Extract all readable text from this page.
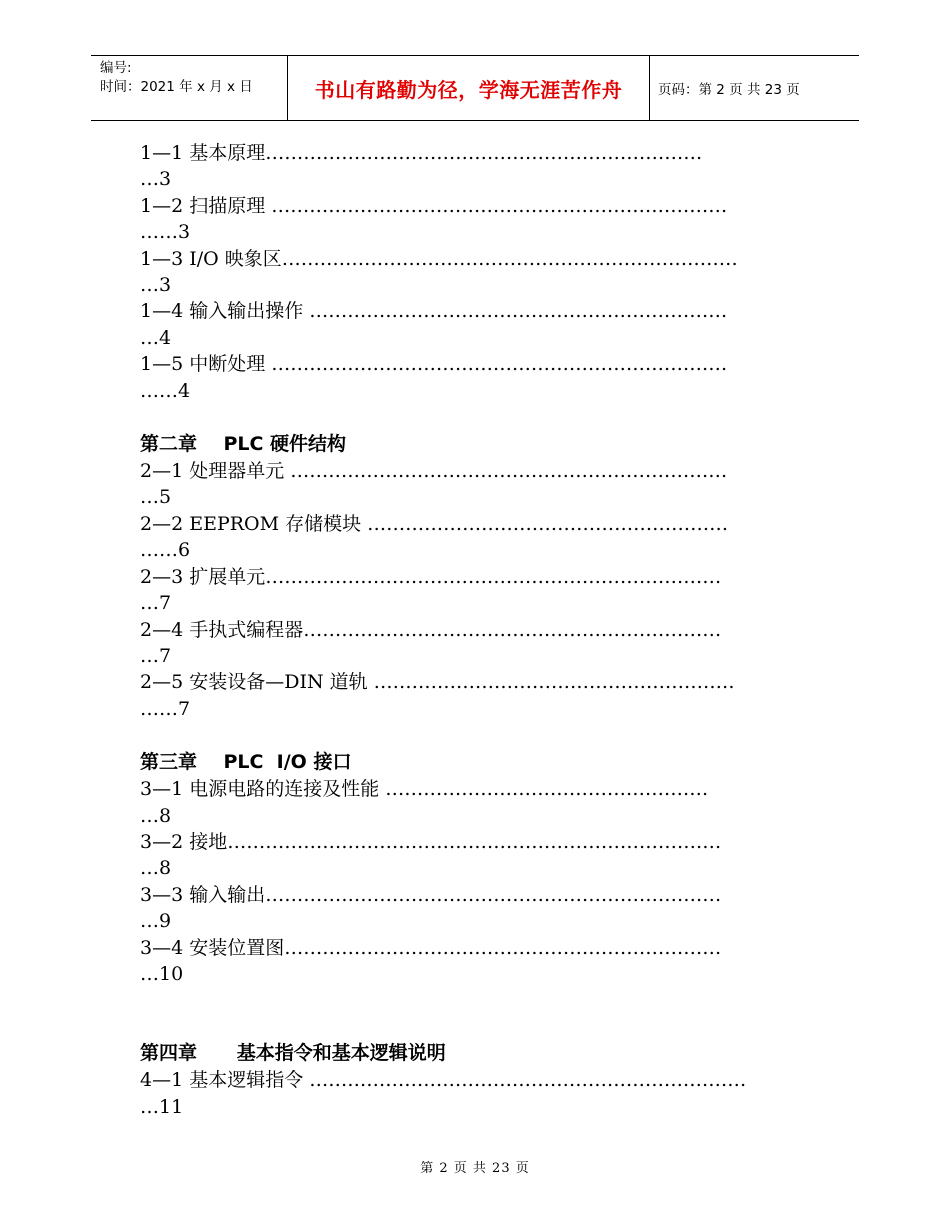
编号:
时间：2021 年 x 月 x 日	书山有路勤为径，学海无涯苦作舟	页码：第 2 页 共 23 页
1—1 基本原理……………………………………………………………
…3
1—2 扫描原理 ………………………………………………………………
……3
1—3 I/O 映象区………………………………………………………………
…3
1—4 输入输出操作 …………………………………………………………
…4
1—5 中断处理 ………………………………………………………………
……4
第二章    PLC 硬件结构
2—1 处理器单元 ……………………………………………………………
…5
2—2 EEPROM 存储模块 …………………………………………………
……6
2—3 扩展单元………………………………………………………………
…7
2—4 手执式编程器…………………………………………………………
…7
2—5 安装设备—DIN 道轨 …………………………………………………
……7
第三章    PLC  I/O 接口
3—1 电源电路的连接及性能 ……………………………………………
…8
3—2 接地……………………………………………………………………
…8
3—3 输入输出………………………………………………………………
…9
3—4 安装位置图……………………………………………………………
…10
第四章      基本指令和基本逻辑说明
4—1 基本逻辑指令 ……………………………………………………………
…11
第 2 页 共 23 页
